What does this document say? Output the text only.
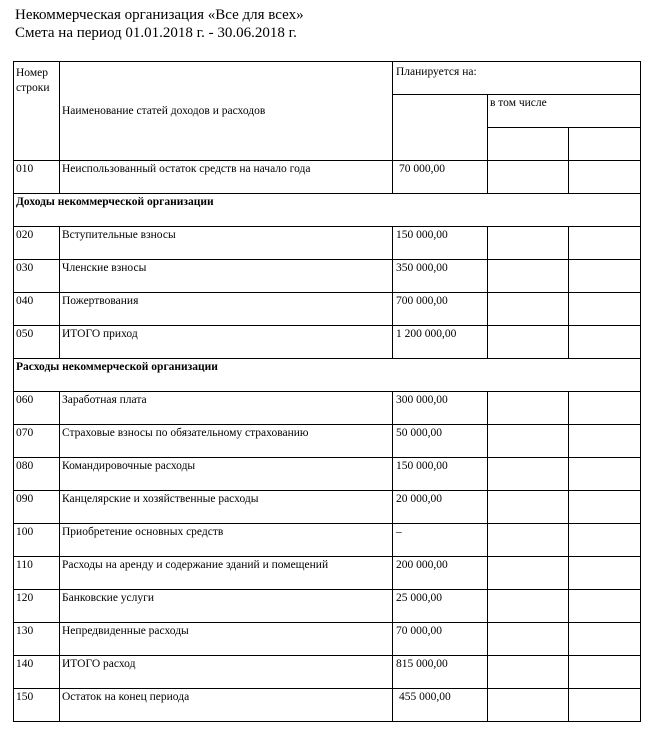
Некоммерческая организация «Все для всех»
Смета на период 01.01.2018 г. - 30.06.2018 г.
Номер строки	Наименование статей доходов и расходов	Планируется на:		
			в том числе	

010	Неиспользованный остаток средств на начало года	70 000,00		
Доходы некоммерческой организации				
020	Вступительные взносы	150 000,00		
030	Членские взносы	350 000,00		
040	Пожертвования	700 000,00		
050	ИТОГО приход	1 200 000,00		
Расходы некоммерческой организации				
060	Заработная плата	300 000,00		
070	Страховые взносы по обязательному страхованию	50 000,00		
080	Командировочные расходы	150 000,00		
090	Канцелярские и хозяйственные расходы	20 000,00		
100	Приобретение основных средств	–		
110	Расходы на аренду и содержание зданий и помещений	200 000,00		
120	Банковские услуги	25 000,00		
130	Непредвиденные расходы	70 000,00		
140	ИТОГО расход	815 000,00		
150	Остаток на конец периода	455 000,00		
